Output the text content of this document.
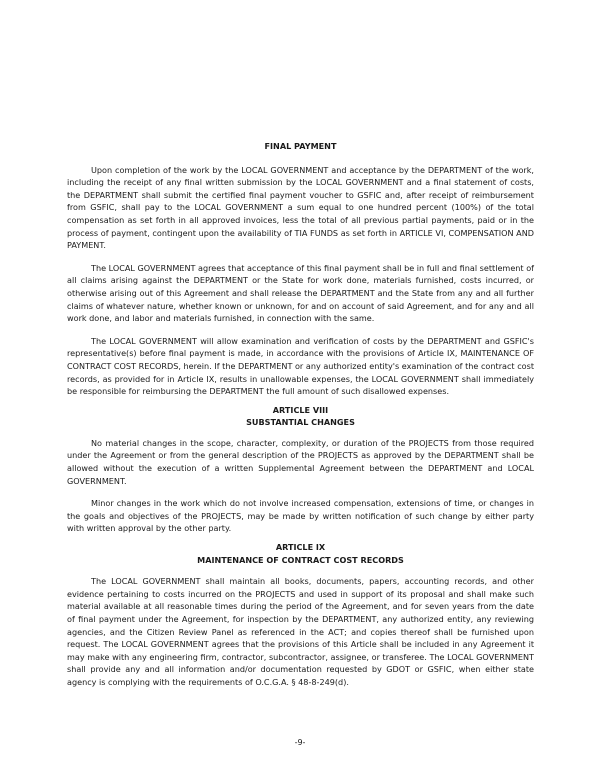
FINAL PAYMENT

Upon completion of the work by the LOCAL GOVERNMENT and acceptance by the DEPARTMENT of the work, including the receipt of any final written submission by the LOCAL GOVERNMENT and a final statement of costs, the DEPARTMENT shall submit the certified final payment voucher to GSFIC and, after receipt of reimbursement from GSFIC, shall pay to the LOCAL GOVERNMENT a sum equal to one hundred percent (100%) of the total compensation as set forth in all approved invoices, less the total of all previous partial payments, paid or in the process of payment, contingent upon the availability of TIA FUNDS as set forth in ARTICLE VI, COMPENSATION AND PAYMENT.

The LOCAL GOVERNMENT agrees that acceptance of this final payment shall be in full and final settlement of all claims arising against the DEPARTMENT or the State for work done, materials furnished, costs incurred, or otherwise arising out of this Agreement and shall release the DEPARTMENT and the State from any and all further claims of whatever nature, whether known or unknown, for and on account of said Agreement, and for any and all work done, and labor and materials furnished, in connection with the same.

The LOCAL GOVERNMENT will allow examination and verification of costs by the DEPARTMENT and GSFIC's representative(s) before final payment is made, in accordance with the provisions of Article IX, MAINTENANCE OF CONTRACT COST RECORDS, herein. If the DEPARTMENT or any authorized entity's examination of the contract cost records, as provided for in Article IX, results in unallowable expenses, the LOCAL GOVERNMENT shall immediately be responsible for reimbursing the DEPARTMENT the full amount of such disallowed expenses.

ARTICLE VIII
SUBSTANTIAL CHANGES

No material changes in the scope, character, complexity, or duration of the PROJECTS from those required under the Agreement or from the general description of the PROJECTS as approved by the DEPARTMENT shall be allowed without the execution of a written Supplemental Agreement between the DEPARTMENT and LOCAL GOVERNMENT.

Minor changes in the work which do not involve increased compensation, extensions of time, or changes in the goals and objectives of the PROJECTS, may be made by written notification of such change by either party with written approval by the other party.

ARTICLE IX
MAINTENANCE OF CONTRACT COST RECORDS

The LOCAL GOVERNMENT shall maintain all books, documents, papers, accounting records, and other evidence pertaining to costs incurred on the PROJECTS and used in support of its proposal and shall make such material available at all reasonable times during the period of the Agreement, and for seven years from the date of final payment under the Agreement, for inspection by the DEPARTMENT, any authorized entity, any reviewing agencies, and the Citizen Review Panel as referenced in the ACT; and copies thereof shall be furnished upon request. The LOCAL GOVERNMENT agrees that the provisions of this Article shall be included in any Agreement it may make with any engineering firm, contractor, subcontractor, assignee, or transferee. The LOCAL GOVERNMENT shall provide any and all information and/or documentation requested by GDOT or GSFIC, when either state agency is complying with the requirements of O.C.G.A. § 48-8-249(d).

-9-
